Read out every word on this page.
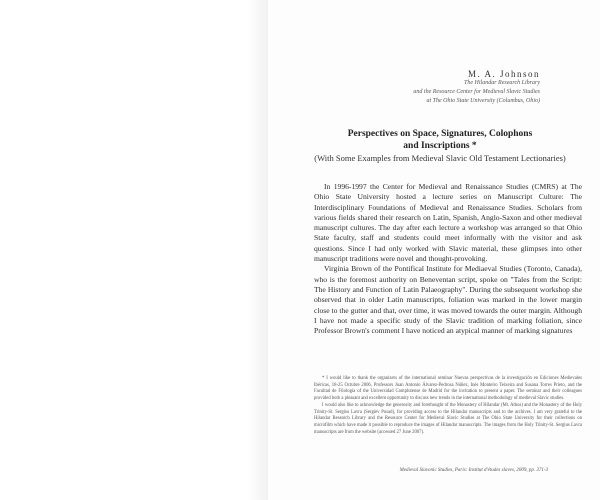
M. A. Johnson
The Hilandar Research Library
and the Resource Center for Medieval Slavic Studies
at The Ohio State University (Columbus, Ohio)
Perspectives on Space, Signatures, Colophons
and Inscriptions *
(With Some Examples from Medieval Slavic Old Testament Lectionaries)

In 1996-1997 the Center for Medieval and Renaissance Studies (CMRS) at The Ohio State University hosted a lecture series on Manuscript Culture: The Interdisciplinary Foundations of Medieval and Renaissance Studies. Scholars from various fields shared their research on Latin, Spanish, Anglo-Saxon and other medieval manuscript cultures. The day after each lecture a workshop was arranged so that Ohio State faculty, staff and students could meet informally with the visitor and ask questions. Since I had only worked with Slavic material, these glimpses into other manuscript traditions were novel and thought-provoking.

Virginia Brown of the Pontifical Institute for Mediaeval Studies (Toronto, Canada), who is the foremost authority on Beneventan script, spoke on "Tales from the Script: The History and Function of Latin Palaeography". During the subsequent workshop she observed that in older Latin manuscripts, foliation was marked in the lower margin close to the gutter and that, over time, it was moved towards the outer margin. Although I have not made a specific study of the Slavic tradition of marking foliation, since Professor Brown's comment I have noticed an atypical manner of marking signatures

* I would like to thank the organizers of the international seminar Nuevas perspectivas de la investigación en Ediciones Medievales Ibéricas, 18-25 Octubre 2006, Professors Juan Antonio Álvarez-Pedrosa Núñez, Inés Monteiro Teixeira and Susana Torres Prieto, and the Facultad de Filología of the Universidad Complutense de Madrid for the invitation to present a paper. The seminar and their colleagues provided both a pleasant and excellent opportunity to discuss new trends in the international methodology of medieval Slavic studies.

I would also like to acknowledge the generosity and forethought of the Monastery of Hilandar (Mt. Athos) and the Monastery of the Holy Trinity-St. Sergius Lavra (Sergiev Posad), for providing access to the Hilandar manuscripts and to the archives. I am very grateful to the Hilandar Research Library and the Resource Center for Medieval Slavic Studies at The Ohio State University for their collections on microfilm which have made it possible to reproduce the images of Hilandar manuscripts. The images from the Holy Trinity-St. Sergius Lavra manuscripts are from the website (accessed 27 June 2007).

Medieval Slavonic Studies, Paris: Institut d'études slaves, 2009, pp. 371-3
